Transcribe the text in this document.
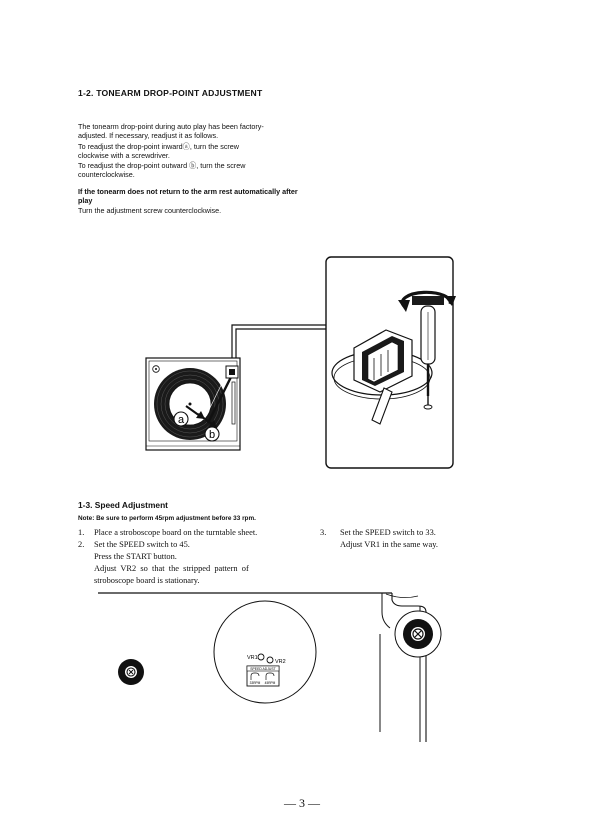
1-2. TONEARM DROP-POINT ADJUSTMENT
The tonearm drop-point during auto play has been factory-
adjusted. If necessary, readjust it as follows.
To readjust the drop-point inwardⓐ, turn the screw
clockwise with a screwdriver.
To readjust the drop-point outward ⓑ, turn the screw
counterclockwise.
If the tonearm does not return to the arm rest automatically after
play
Turn the adjustment screw counterclockwise.
a
b
1-3. Speed Adjustment
Note: Be sure to perform 45rpm adjustment before 33 rpm.
1. Place a stroboscope board on the turntable sheet.
2. Set the SPEED switch to 45.
Press the START button.
Adjust  VR2  so  that  the  stripped  pattern  of
stroboscope board is stationary.
3. Set the SPEED switch to 33.
Adjust VR1 in the same way.
VR1
VR2
SPEED ADJUST
33RPM 45RPM
— 3 —
